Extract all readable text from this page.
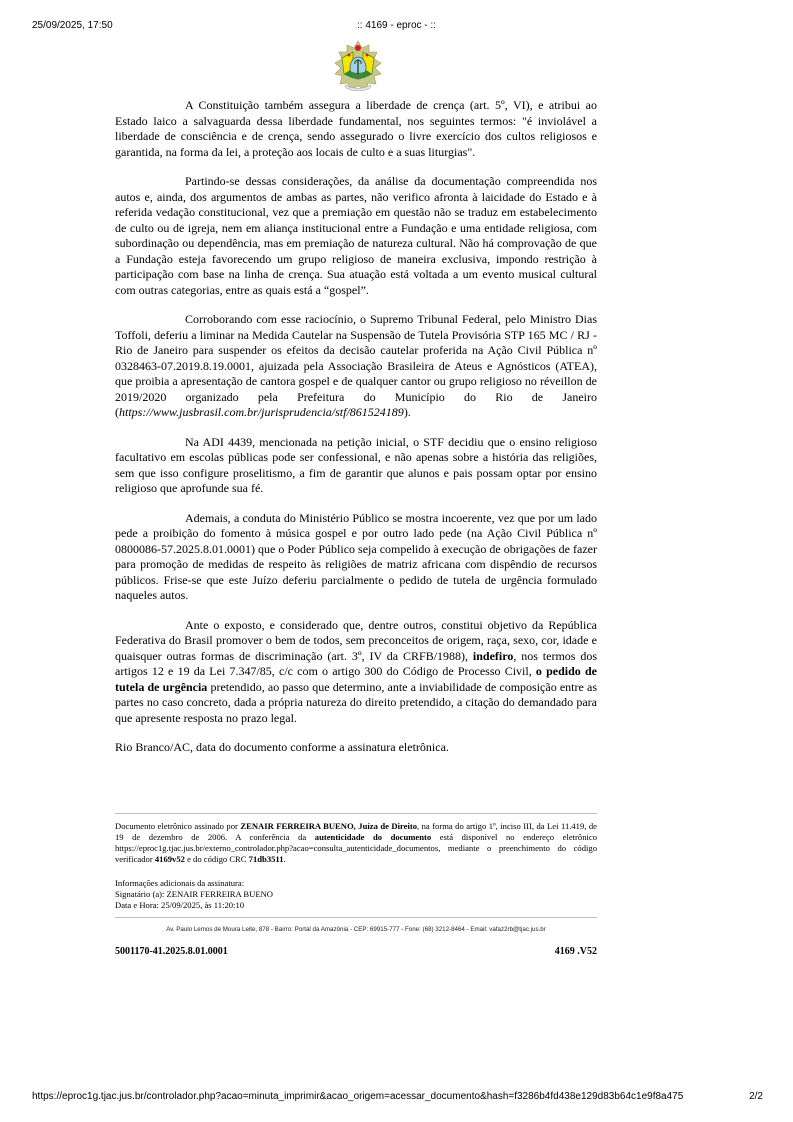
25/09/2025, 17:50	:: 4169 - eproc - ::

A Constituição também assegura a liberdade de crença (art. 5º, VI), e atribui ao Estado laico a salvaguarda dessa liberdade fundamental, nos seguintes termos: "é inviolável a liberdade de consciência e de crença, sendo assegurado o livre exercício dos cultos religiosos e garantida, na forma da lei, a proteção aos locais de culto e a suas liturgias".

Partindo-se dessas considerações, da análise da documentação compreendida nos autos e, ainda, dos argumentos de ambas as partes, não verifico afronta à laicidade do Estado e à referida vedação constitucional, vez que a premiação em questão não se traduz em estabelecimento de culto ou de igreja, nem em aliança institucional entre a Fundação e uma entidade religiosa, com subordinação ou dependência, mas em premiação de natureza cultural. Não há comprovação de que a Fundação esteja favorecendo um grupo religioso de maneira exclusiva, impondo restrição à participação com base na linha de crença. Sua atuação está voltada a um evento musical cultural com outras categorias, entre as quais está a “gospel”.

Corroborando com esse raciocínio, o Supremo Tribunal Federal, pelo Ministro Dias Toffoli, deferiu a liminar na Medida Cautelar na Suspensão de Tutela Provisória STP 165 MC / RJ - Rio de Janeiro para suspender os efeitos da decisão cautelar proferida na Ação Civil Pública nº 0328463-07.2019.8.19.0001, ajuizada pela Associação Brasileira de Ateus e Agnósticos (ATEA), que proibia a apresentação de cantora gospel e de qualquer cantor ou grupo religioso no réveillon de 2019/2020 organizado pela Prefeitura do Município do Rio de Janeiro (https://www.jusbrasil.com.br/jurisprudencia/stf/861524189).

Na ADI 4439, mencionada na petição inicial, o STF decidiu que o ensino religioso facultativo em escolas públicas pode ser confessional, e não apenas sobre a história das religiões, sem que isso configure proselitismo, a fim de garantir que alunos e pais possam optar por ensino religioso que aprofunde sua fé.

Ademais, a conduta do Ministério Público se mostra incoerente, vez que por um lado pede a proibição do fomento à música gospel e por outro lado pede (na Ação Civil Pública nº 0800086-57.2025.8.01.0001) que o Poder Público seja compelido à execução de obrigações de fazer para promoção de medidas de respeito às religiões de matriz africana com dispêndio de recursos públicos. Frise-se que este Juízo deferiu parcialmente o pedido de tutela de urgência formulado naqueles autos.

Ante o exposto, e considerado que, dentre outros, constitui objetivo da República Federativa do Brasil promover o bem de todos, sem preconceitos de origem, raça, sexo, cor, idade e quaisquer outras formas de discriminação (art. 3º, IV da CRFB/1988), indefiro, nos termos dos artigos 12 e 19 da Lei 7.347/85, c/c com o artigo 300 do Código de Processo Civil, o pedido de tutela de urgência pretendido, ao passo que determino, ante a inviabilidade de composição entre as partes no caso concreto, dada a própria natureza do direito pretendido, a citação do demandado para que apresente resposta no prazo legal.

Rio Branco/AC, data do documento conforme a assinatura eletrônica.

Documento eletrônico assinado por ZENAIR FERREIRA BUENO, Juíza de Direito, na forma do artigo 1º, inciso III, da Lei 11.419, de 19 de dezembro de 2006. A conferência da autenticidade do documento está disponível no endereço eletrônico https://eproc1g.tjac.jus.br/externo_controlador.php?acao=consulta_autenticidade_documentos, mediante o preenchimento do código verificador 4169v52 e do código CRC 71db3511.
Informações adicionais da assinatura:
Signatário (a): ZENAIR FERREIRA BUENO
Data e Hora: 25/09/2025, às 11:20:10
Av. Paulo Lemos de Moura Leite, 878 - Bairro: Portal da Amazônia - CEP: 69915-777 - Fone: (68) 3212-8464 - Email: vafaz2rb@tjac.jus.br
5001170-41.2025.8.01.0001	4169 .V52
https://eproc1g.tjac.jus.br/controlador.php?acao=minuta_imprimir&acao_origem=acessar_documento&hash=f3286b4fd438e129d83b64c1e9f8a475	2/2
